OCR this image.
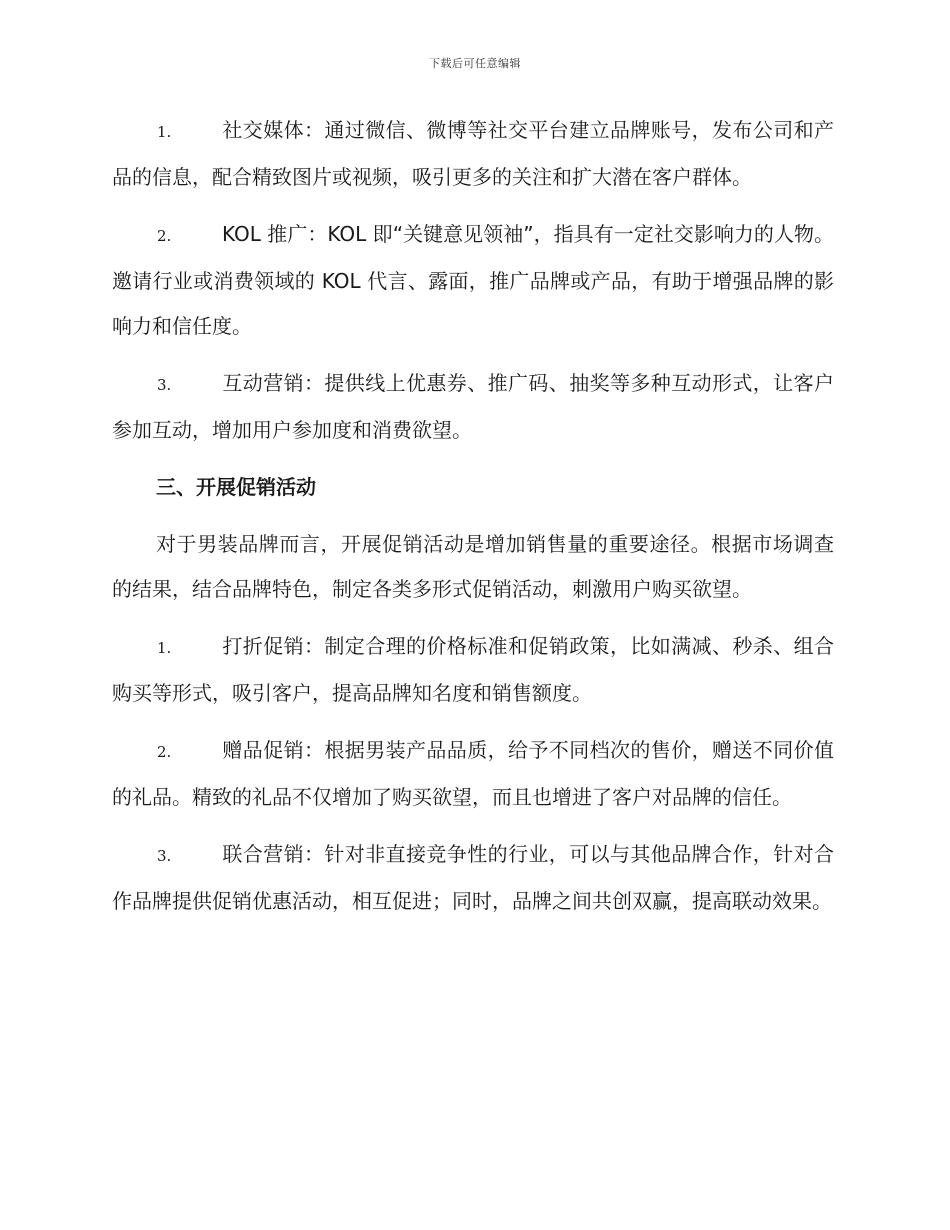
下载后可任意编辑

1.	社交媒体：通过微信、微博等社交平台建立品牌账号，发布公司和产品的信息，配合精致图片或视频，吸引更多的关注和扩大潜在客户群体。

2.	KOL 推广：KOL 即“关键意见领袖”，指具有一定社交影响力的人物。邀请行业或消费领域的 KOL 代言、露面，推广品牌或产品，有助于增强品牌的影响力和信任度。

3.	互动营销：提供线上优惠券、推广码、抽奖等多种互动形式，让客户参加互动，增加用户参加度和消费欲望。

三、开展促销活动

对于男装品牌而言，开展促销活动是增加销售量的重要途径。根据市场调查的结果，结合品牌特色，制定各类多形式促销活动，刺激用户购买欲望。

1.	打折促销：制定合理的价格标准和促销政策，比如满减、秒杀、组合购买等形式，吸引客户，提高品牌知名度和销售额度。

2.	赠品促销：根据男装产品品质，给予不同档次的售价，赠送不同价值的礼品。精致的礼品不仅增加了购买欲望，而且也增进了客户对品牌的信任。

3.	联合营销：针对非直接竞争性的行业，可以与其他品牌合作，针对合作品牌提供促销优惠活动，相互促进；同时，品牌之间共创双赢，提高联动效果。
